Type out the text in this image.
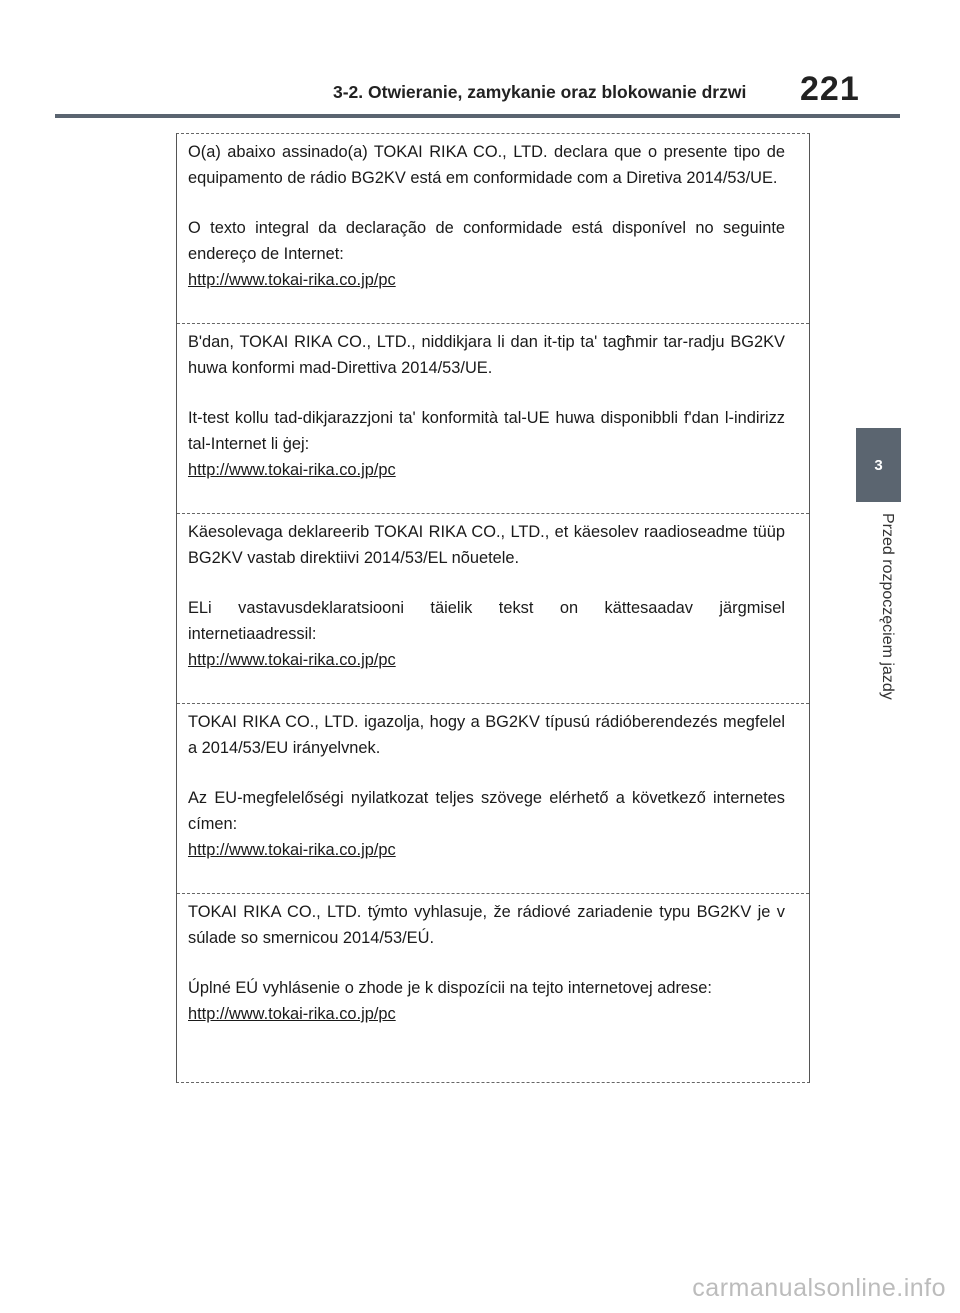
3-2. Otwieranie, zamykanie oraz blokowanie drzwi	221
3
Przed rozpoczęciem jazdy

O(a) abaixo assinado(a) TOKAI RIKA CO., LTD. declara que o presente tipo de equipamento de rádio BG2KV está em conformidade com a Diretiva 2014/53/UE.

O texto integral da declaração de conformidade está disponível no seguinte endereço de Internet:

http://www.tokai-rika.co.jp/pc

B'dan, TOKAI RIKA CO., LTD., niddikjara li dan it-tip ta' tagħmir tar-radju BG2KV huwa konformi mad-Direttiva 2014/53/UE.

It-test kollu tad-dikjarazzjoni ta' konformità tal-UE huwa disponibbli f'dan l-indirizz tal-Internet li ġej:

http://www.tokai-rika.co.jp/pc

Käesolevaga deklareerib TOKAI RIKA CO., LTD., et käesolev raadioseadme tüüp BG2KV vastab direktiivi 2014/53/EL nõuetele.

ELi vastavusdeklaratsiooni täielik tekst on kättesaadav järgmisel internetiaadressil:

http://www.tokai-rika.co.jp/pc

TOKAI RIKA CO., LTD. igazolja, hogy a BG2KV típusú rádióberendezés megfelel a 2014/53/EU irányelvnek.

Az EU-megfelelőségi nyilatkozat teljes szövege elérhető a következő internetes címen:

http://www.tokai-rika.co.jp/pc

TOKAI RIKA CO., LTD. týmto vyhlasuje, že rádiové zariadenie typu BG2KV je v súlade so smernicou 2014/53/EÚ.

Úplné EÚ vyhlásenie o zhode je k dispozícii na tejto internetovej adrese:

http://www.tokai-rika.co.jp/pc
carmanualsonline.info
